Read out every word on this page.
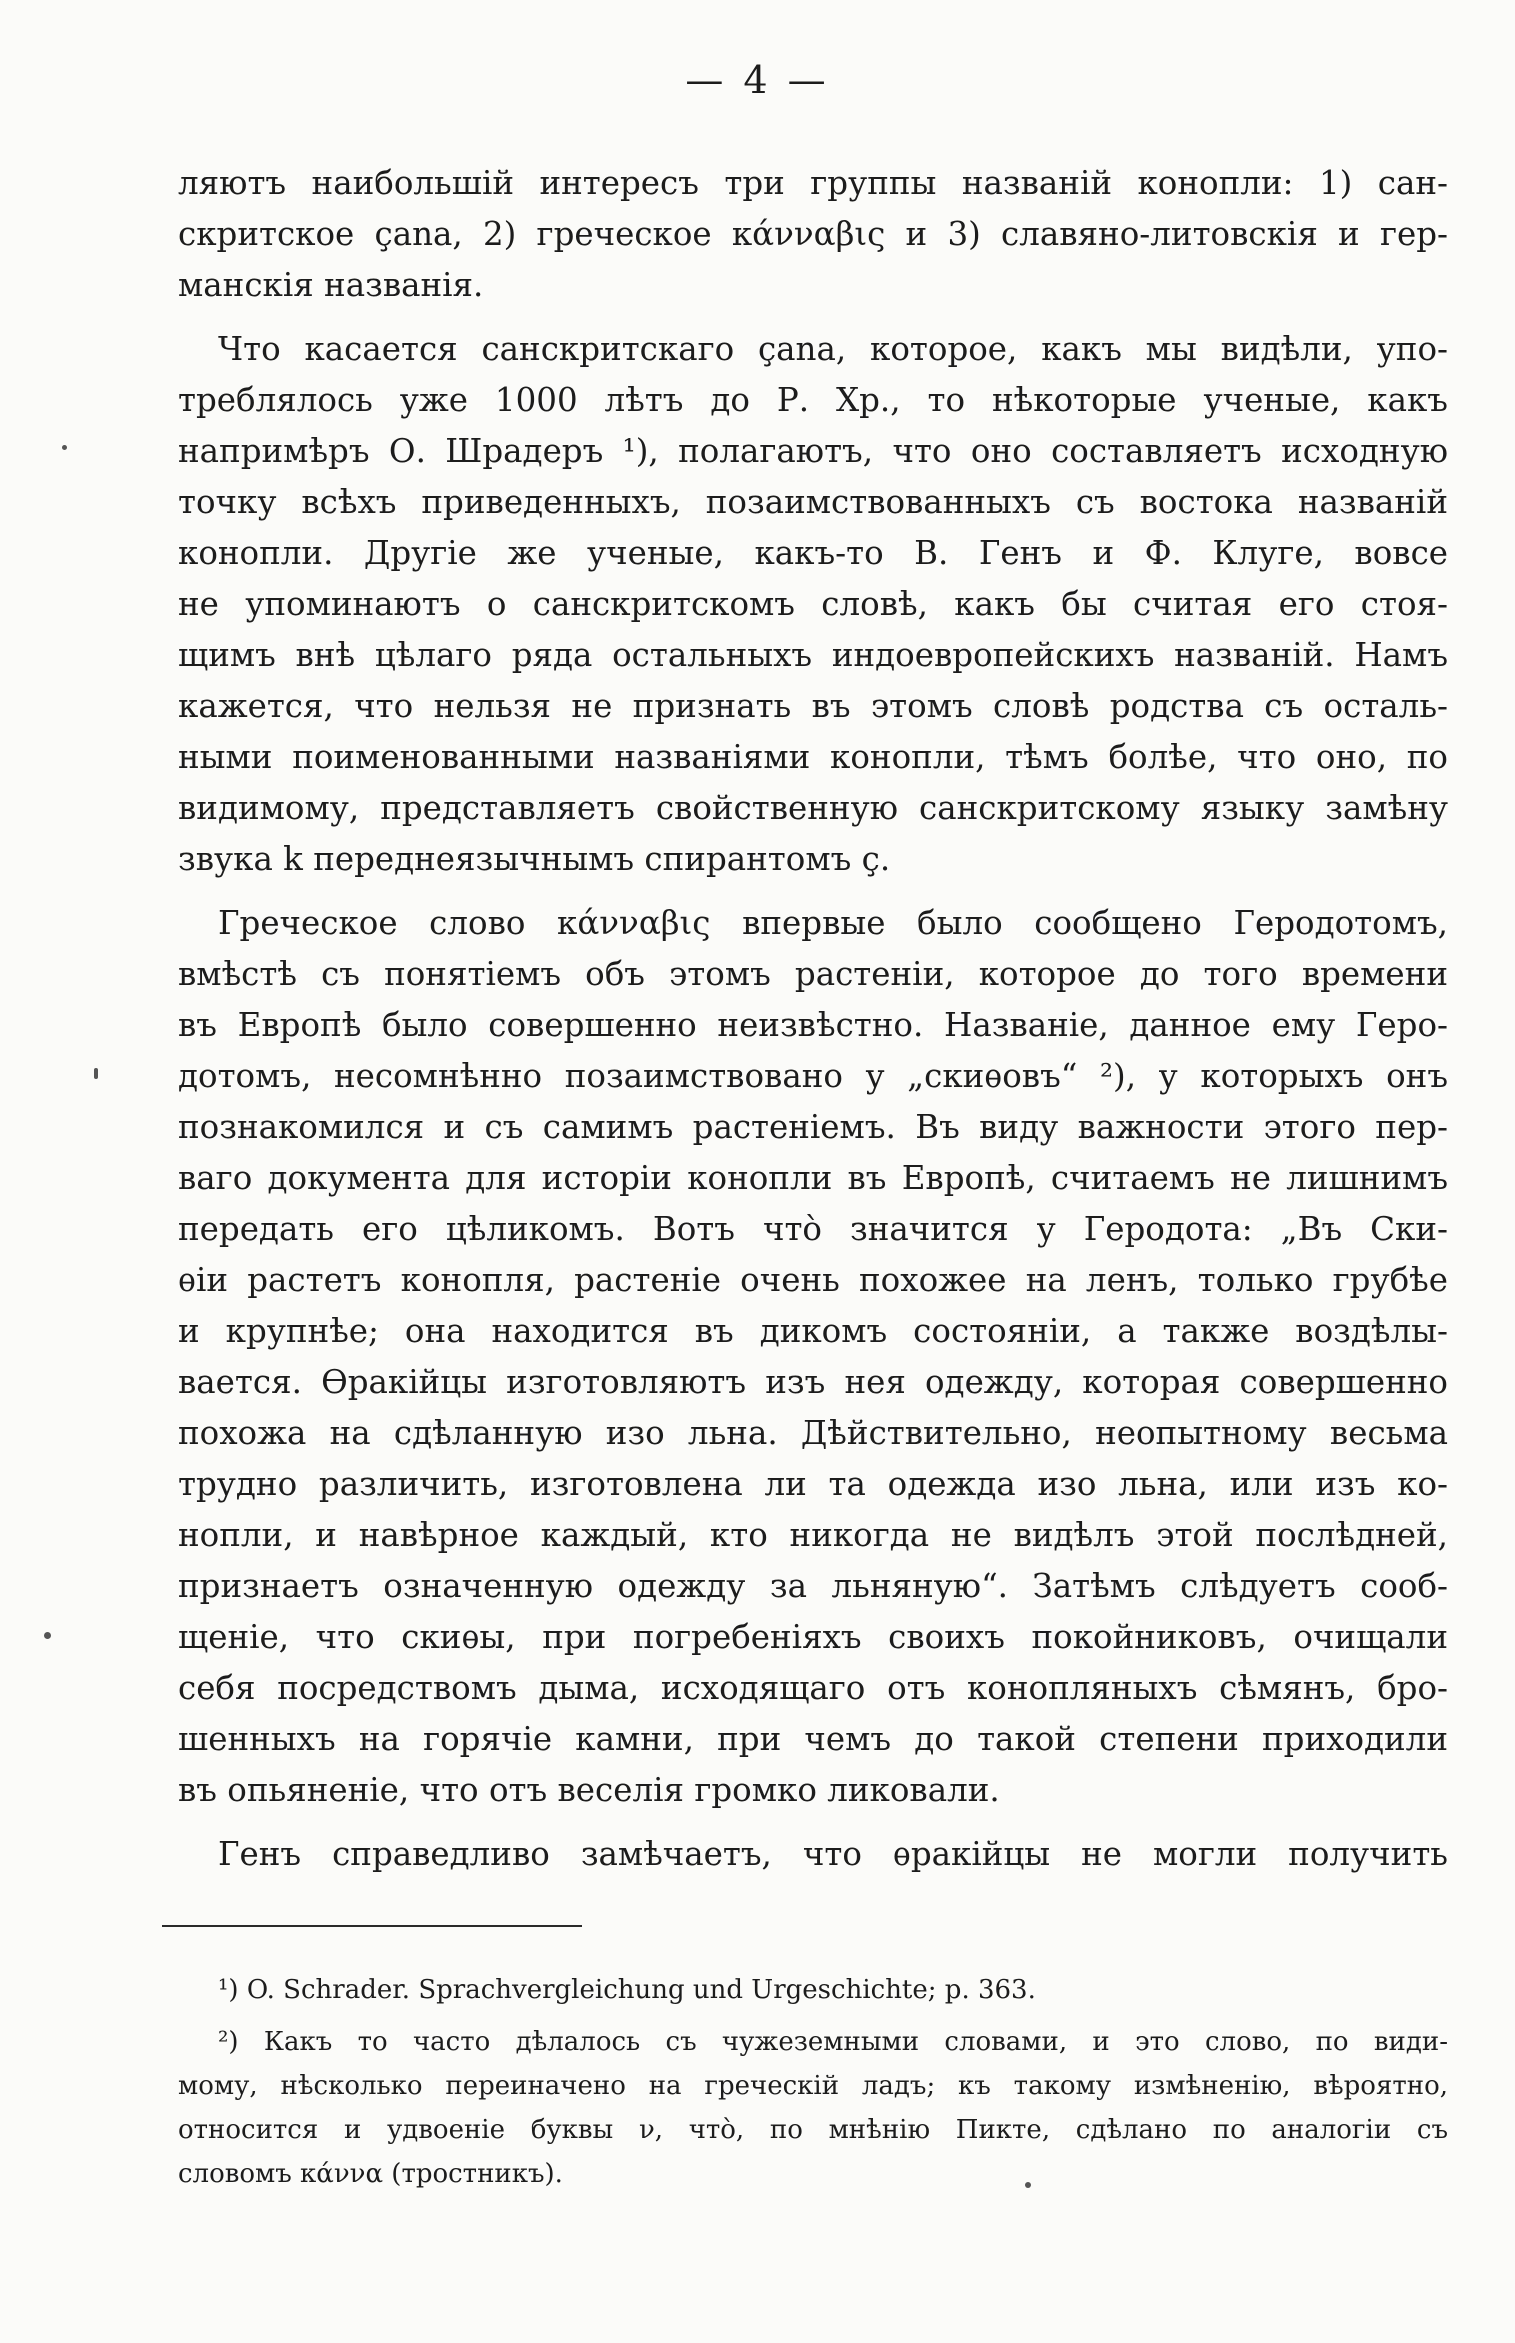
— 4 —
ляютъ наибольшій интересъ три группы названій конопли: 1) сан-
скритское çana, 2) греческое κάνναβις и 3) славяно-литовскія и гер-
манскія названія.
Что касается санскритскаго çana, которое, какъ мы видѣли, упо-
треблялось уже 1000 лѣтъ до Р. Хр., то нѣкоторые ученые, какъ
напримѣръ О. Шрадеръ ¹), полагаютъ, что оно составляетъ исходную
точку всѣхъ приведенныхъ, позаимствованныхъ съ востока названій
конопли. Другіе же ученые, какъ-то В. Генъ и Ф. Клуге, вовсе
не упоминаютъ о санскритскомъ словѣ, какъ бы считая его стоя-
щимъ внѣ цѣлаго ряда остальныхъ индоевропейскихъ названій. Намъ
кажется, что нельзя не признать въ этомъ словѣ родства съ осталь-
ными поименованными названіями конопли, тѣмъ болѣе, что оно, по
видимому, представляетъ свойственную санскритскому языку замѣну
звука k переднеязычнымъ спирантомъ ç.
Греческое слово κάνναβις впервые было сообщено Геродотомъ,
вмѣстѣ съ понятіемъ объ этомъ растеніи, которое до того времени
въ Европѣ было совершенно неизвѣстно. Названіе, данное ему Геро-
дотомъ, несомнѣнно позаимствовано у „скиѳовъ“ ²), у которыхъ онъ
познакомился и съ самимъ растеніемъ. Въ виду важности этого пер-
ваго документа для исторіи конопли въ Европѣ, считаемъ не лишнимъ
передать его цѣликомъ. Вотъ что̀ значится у Геродота: „Въ Ски-
ѳіи растетъ конопля, растеніе очень похожее на ленъ, только грубѣе
и крупнѣе; она находится въ дикомъ состояніи, а также воздѣлы-
вается. Ѳракійцы изготовляютъ изъ нея одежду, которая совершенно
похожа на сдѣланную изо льна. Дѣйствительно, неопытному весьма
трудно различить, изготовлена ли та одежда изо льна, или изъ ко-
нопли, и навѣрное каждый, кто никогда не видѣлъ этой послѣдней,
признаетъ означенную одежду за льняную“. Затѣмъ слѣдуетъ сооб-
щеніе, что скиѳы, при погребеніяхъ своихъ покойниковъ, очищали
себя посредствомъ дыма, исходящаго отъ конопляныхъ сѣмянъ, бро-
шенныхъ на горячіе камни, при чемъ до такой степени приходили
въ опьяненіе, что отъ веселія громко ликовали.
Генъ справедливо замѣчаетъ, что ѳракійцы не могли получить
¹) O. Schrader. Sprachvergleichung und Urgeschichte; p. 363.
²) Какъ то часто дѣлалось съ чужеземными словами, и это слово, по види-
мому, нѣсколько переиначено на греческій ладъ; къ такому измѣненію, вѣроятно,
относится и удвоеніе буквы ν, что̀, по мнѣнію Пикте, сдѣлано по аналогіи съ
словомъ κάννα (тростникъ).
